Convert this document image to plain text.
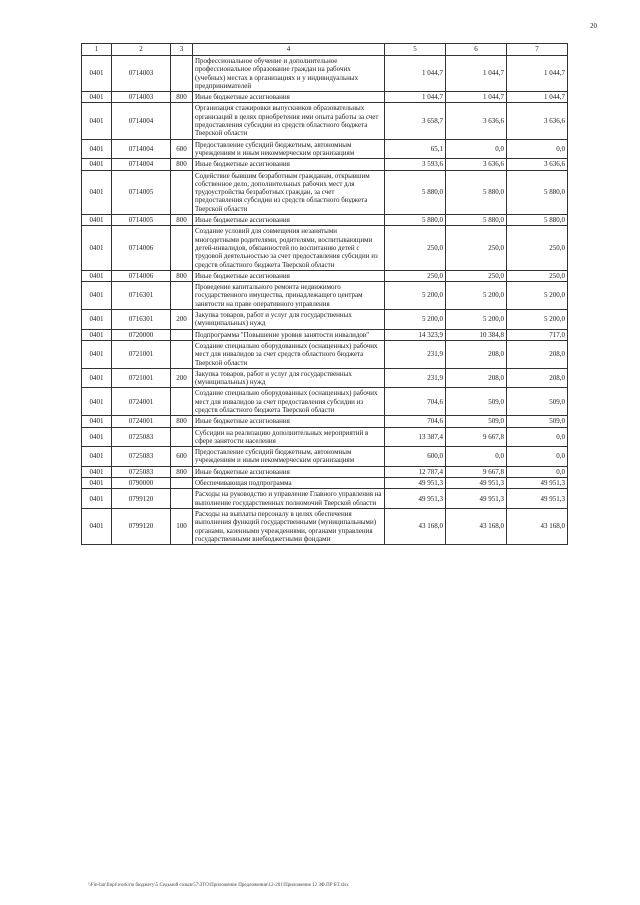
20
1	2	3	4	5	6	7
0401	0714003		Профессиональное обучение и дополнительное профессиональное образование граждан на рабочих (учебных) местах в организациях и у индивидуальных предпринимателей	1 044,7	1 044,7	1 044,7
0401	0714003	800	Иные бюджетные ассигнования	1 044,7	1 044,7	1 044,7
0401	0714004		Организация стажировки выпускников образовательных организаций в целях приобретения ими опыта работы за счет предоставления субсидии из средств областного бюджета Тверской области	3 658,7	3 636,6	3 636,6
0401	0714004	600	Предоставление субсидий бюджетным, автономным учреждениям и иным некоммерческим организациям	65,1	0,0	0,0
0401	0714004	800	Иные бюджетные ассигнования	3 593,6	3 636,6	3 636,6
0401	0714005		Содействие бывшим безработным гражданам, открывшим собственное дело, дополнительных рабочих мест для трудоустройства безработных граждан, за счет предоставления субсидии из средств областного бюджета Тверской области	5 880,0	5 880,0	5 880,0
0401	0714005	800	Иные бюджетные ассигнования	5 880,0	5 880,0	5 880,0
0401	0714006		Создание условий для совмещения незанятыми многодетными родителями, родителями, воспитывающими детей-инвалидов, обязанностей по воспитанию детей с трудовой деятельностью за счет предоставления субсидии из средств областного бюджета Тверской области	250,0	250,0	250,0
0401	0714006	800	Иные бюджетные ассигнования	250,0	250,0	250,0
0401	0716301		Проведение капитального ремонта недвижимого государственного имущества, принадлежащего центрам занятости на праве оперативного управления	5 200,0	5 200,0	5 200,0
0401	0716301	200	Закупка товаров, работ и услуг для государственных (муниципальных) нужд	5 200,0	5 200,0	5 200,0
0401	0720000		Подпрограмма "Повышение уровня занятости инвалидов"	14 323,9	10 384,8	717,0
0401	0721001		Создание специально оборудованных (оснащенных) рабочих мест для инвалидов за счет средств областного бюджета Тверской области	231,9	208,0	208,0
0401	0721001	200	Закупка товаров, работ и услуг для государственных (муниципальных) нужд	231,9	208,0	208,0
0401	0724001		Создание специально оборудованных (оснащенных) рабочих мест для инвалидов за счет предоставления субсидии из средств областного бюджета Тверской области	704,6	509,0	509,0
0401	0724001	800	Иные бюджетные ассигнования	704,6	509,0	509,0
0401	0725083		Субсидии на реализацию дополнительных мероприятий в сфере занятости населения	13 387,4	9 667,8	0,0
0401	0725083	600	Предоставление субсидий бюджетным, автономным учреждениям и иным некоммерческим организациям	600,0	0,0	0,0
0401	0725083	800	Иные бюджетные ассигнования	12 787,4	9 667,8	0,0
0401	0790000		Обеспечивающая подпрограмма	49 951,3	49 951,3	49 951,3
0401	0799120		Расходы на руководство и управление Главного управления на выполнение государственных полномочий Тверской области	49 951,3	49 951,3	49 951,3
0401	0799120	100	Расходы на выплаты персоналу в целях обеспечения выполнения функций государственными (муниципальными) органами, казенными учреждениями, органами управления государственными внебюджетными фондами	43 168,0	43 168,0	43 168,0
\\Fin-lan\finpl\work\по бюджету\5 Седьмой созыв\57\ЗТО\Приложение Предложения\12-201\Приложение 12 ЗФ.ПР БТ.xlsx
